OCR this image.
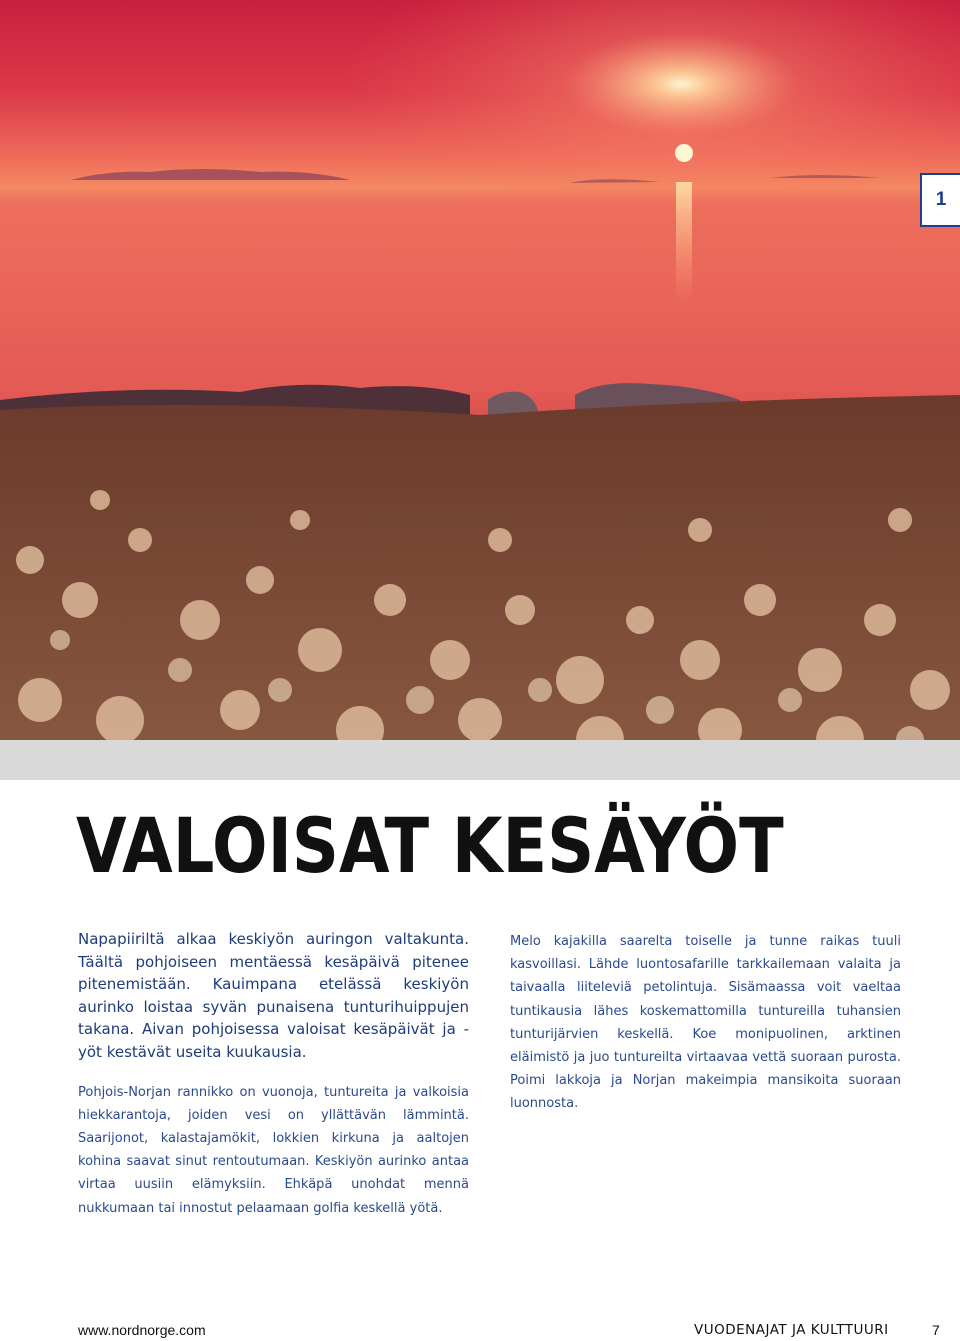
1
VALOISAT KESÄYÖT

Napapiiriltä alkaa keskiyön auringon valtakunta. Täältä pohjoiseen mentäessä kesäpäivä pitenee pitenemistään. Kauimpana etelässä keskiyön aurinko loistaa syvän punaisena tunturihuippujen takana. Aivan pohjoisessa valoisat kesäpäivät ja -yöt kestävät useita kuukausia.

Pohjois-Norjan rannikko on vuonoja, tuntureita ja valkoisia hiekkarantoja, joiden vesi on yllättävän lämmintä. Saarijonot, kalastajamökit, lokkien kirkuna ja aaltojen kohina saavat sinut rentoutumaan. Keskiyön aurinko antaa virtaa uusiin elämyksiin. Ehkäpä unohdat mennä nukkumaan tai innostut pelaamaan golfia keskellä yötä.

Melo kajakilla saarelta toiselle ja tunne raikas tuuli kasvoillasi. Lähde luontosafarille tarkkailemaan valaita ja taivaalla liiteleviä petolintuja. Sisämaassa voit vaeltaa tuntikausia lähes koskemattomilla tuntureilla tuhansien tunturijärvien keskellä. Koe monipuolinen, arktinen eläimistö ja juo tuntureilta virtaavaa vettä suoraan purosta. Poimi lakkoja ja Norjan makeimpia mansikoita suoraan luonnosta.

www.nordnorge.com	VUODENAJAT JA KULTTUURI	7
